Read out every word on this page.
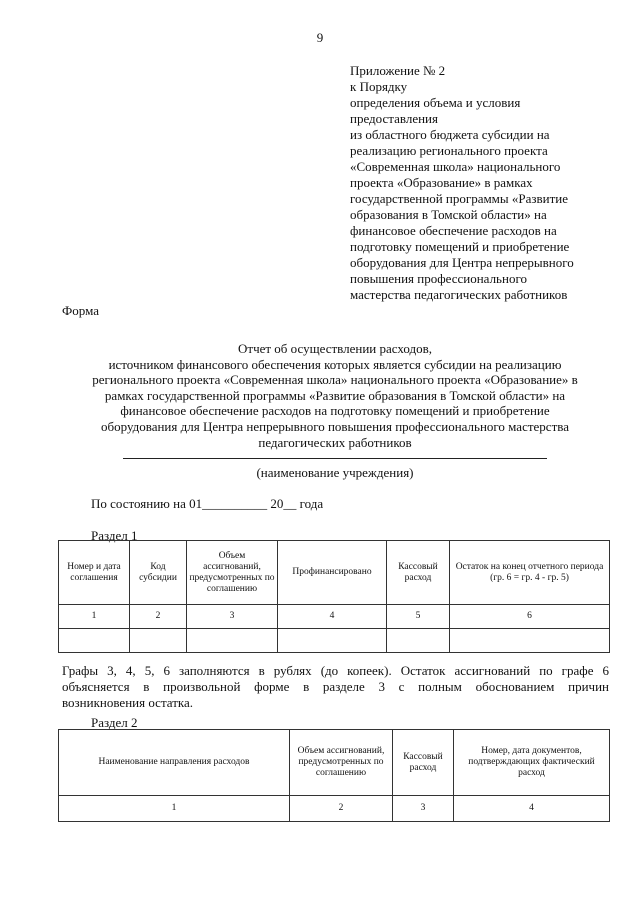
9
Приложение № 2
к Порядку
определения объема и условия
предоставления
из областного бюджета субсидии на
реализацию регионального проекта
«Современная школа» национального
проекта «Образование» в рамках
государственной программы «Развитие
образования в Томской области» на
финансовое обеспечение расходов на
подготовку помещений и приобретение
оборудования для Центра непрерывного
повышения профессионального
мастерства педагогических работников
Форма
Отчет об осуществлении расходов,
источником финансового обеспечения которых является субсидии на реализацию
регионального проекта «Современная школа» национального проекта «Образование» в
рамках государственной программы «Развитие образования в Томской области» на
финансовое обеспечение расходов на подготовку помещений и приобретение
оборудования для Центра непрерывного повышения профессионального мастерства
педагогических работников
(наименование учреждения)
По состоянию на 01__________ 20__ года
Раздел 1
Номер и дата соглашения	Код субсидии	Объем ассигнований, предусмотренных по соглашению	Профинансировано	Кассовый расход	Остаток на конец отчетного периода (гр. 6 = гр. 4 - гр. 5)
1	2	3	4	5	6

Графы 3, 4, 5, 6 заполняются в рублях (до копеек). Остаток ассигнований по графе 6
объясняется в произвольной форме в разделе 3 с полным обоснованием причин
возникновения остатка.
Раздел 2
Наименование направления расходов	Объем ассигнований, предусмотренных по соглашению	Кассовый расход	Номер, дата документов, подтверждающих фактический расход
1	2	3	4
